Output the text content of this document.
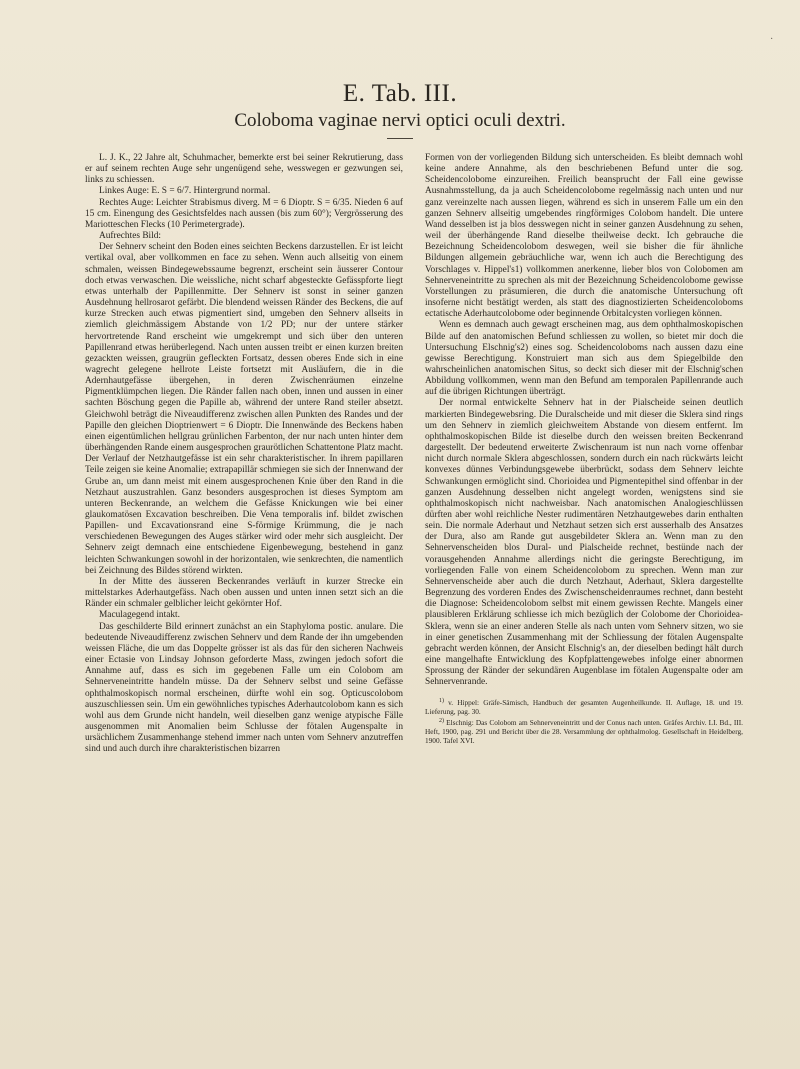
E. Tab. III.
Coloboma vaginae nervi optici oculi dextri.

L. J. K., 22 Jahre alt, Schuhmacher, bemerkte erst bei seiner Rekrutierung, dass er auf seinem rechten Auge sehr ungenügend sehe, wesswegen er gezwungen sei, links zu schiessen.

Linkes Auge: E. S = 6/7. Hintergrund normal.

Rechtes Auge: Leichter Strabismus diverg. M = 6 Dioptr. S = 6/35. Nieden 6 auf 15 cm. Einengung des Gesichtsfeldes nach aussen (bis zum 60°); Vergrösserung des Mariotteschen Flecks (10 Perimetergrade).

Aufrechtes Bild:

Der Sehnerv scheint den Boden eines seichten Beckens darzustellen. Er ist leicht vertikal oval, aber vollkommen en face zu sehen. Wenn auch allseitig von einem schmalen, weissen Bindegewebssaume begrenzt, erscheint sein äusserer Contour doch etwas verwaschen. Die weissliche, nicht scharf abgesteckte Gefässpforte liegt etwas unterhalb der Papillenmitte. Der Sehnerv ist sonst in seiner ganzen Ausdehnung hellrosarot gefärbt. Die blendend weissen Ränder des Beckens, die auf kurze Strecken auch etwas pigmentiert sind, umgeben den Sehnerv allseits in ziemlich gleichmässigem Abstande von 1/2 PD; nur der untere stärker hervortretende Rand erscheint wie umgekrempt und sich über den unteren Papillenrand etwas herüberlegend. Nach unten aussen treibt er einen kurzen breiten gezackten weissen, graugrün gefleckten Fortsatz, dessen oberes Ende sich in eine wagrecht gelegene hellrote Leiste fortsetzt mit Ausläufern, die in die Adernhautgefässe übergehen, in deren Zwischenräumen einzelne Pigmentklümpchen liegen. Die Ränder fallen nach oben, innen und aussen in einer sachten Böschung gegen die Papille ab, während der untere Rand steiler absetzt. Gleichwohl beträgt die Niveaudifferenz zwischen allen Punkten des Randes und der Papille den gleichen Dioptrienwert = 6 Dioptr. Die Innenwände des Beckens haben einen eigentümlichen hellgrau grünlichen Farbenton, der nur nach unten hinter dem überhängenden Rande einem ausgesprochen graurötlichen Schattentone Platz macht. Der Verlauf der Netzhautgefässe ist ein sehr charakteristischer. In ihrem papillaren Teile zeigen sie keine Anomalie; extrapapillär schmiegen sie sich der Innenwand der Grube an, um dann meist mit einem ausgesprochenen Knie über den Rand in die Netzhaut auszustrahlen. Ganz besonders ausgesprochen ist dieses Symptom am unteren Beckenrande, an welchem die Gefässe Knickungen wie bei einer glaukomatösen Excavation beschreiben. Die Vena temporalis inf. bildet zwischen Papillen- und Excavationsrand eine S-förmige Krümmung, die je nach verschiedenen Bewegungen des Auges stärker wird oder mehr sich ausgleicht. Der Sehnerv zeigt demnach eine entschiedene Eigenbewegung, bestehend in ganz leichten Schwankungen sowohl in der horizontalen, wie senkrechten, die namentlich bei Zeichnung des Bildes störend wirkten.

In der Mitte des äusseren Beckenrandes verläuft in kurzer Strecke ein mittelstarkes Aderhautgefäss. Nach oben aussen und unten innen setzt sich an die Ränder ein schmaler gelblicher leicht gekörnter Hof.

Maculagegend intakt.

Das geschilderte Bild erinnert zunächst an ein Staphyloma postic. anulare. Die bedeutende Niveaudifferenz zwischen Sehnerv und dem Rande der ihn umgebenden weissen Fläche, die um das Doppelte grösser ist als das für den sicheren Nachweis einer Ectasie von Lindsay Johnson geforderte Mass, zwingen jedoch sofort die Annahme auf, dass es sich im gegebenen Falle um ein Colobom am Sehnerveneintritte handeln müsse. Da der Sehnerv selbst und seine Gefässe ophthalmoskopisch normal erscheinen, dürfte wohl ein sog. Opticuscolobom auszuschliessen sein. Um ein gewöhnliches typisches Aderhautcolobom kann es sich wohl aus dem Grunde nicht handeln, weil dieselben ganz wenige atypische Fälle ausgenommen mit Anomalien beim Schlusse der fötalen Augenspalte in ursächlichem Zusammenhange stehend immer nach unten vom Sehnerv anzutreffen sind und auch durch ihre charakteristischen bizarren

Formen von der vorliegenden Bildung sich unterscheiden. Es bleibt demnach wohl keine andere Annahme, als den beschriebenen Befund unter die sog. Scheidencolobome einzureihen. Freilich beansprucht der Fall eine gewisse Ausnahmsstellung, da ja auch Scheidencolobome regelmässig nach unten und nur ganz vereinzelte nach aussen liegen, während es sich in unserem Falle um ein den ganzen Sehnerv allseitig umgebendes ringförmiges Colobom handelt. Die untere Wand desselben ist ja blos desswegen nicht in seiner ganzen Ausdehnung zu sehen, weil der überhängende Rand dieselbe theilweise deckt. Ich gebrauche die Bezeichnung Scheidencolobom deswegen, weil sie bisher die für ähnliche Bildungen allgemein gebräuchliche war, wenn ich auch die Berechtigung des Vorschlages v. Hippel's1) vollkommen anerkenne, lieber blos von Colobomen am Sehnerveneintritte zu sprechen als mit der Bezeichnung Scheidencolobome gewisse Vorstellungen zu präsumieren, die durch die anatomische Untersuchung oft insoferne nicht bestätigt werden, als statt des diagnostizierten Scheidencoloboms ectatische Aderhautcolobome oder beginnende Orbitalcysten vorliegen können.

Wenn es demnach auch gewagt erscheinen mag, aus dem ophthalmoskopischen Bilde auf den anatomischen Befund schliessen zu wollen, so bietet mir doch die Untersuchung Elschnig's2) eines sog. Scheidencoloboms nach aussen dazu eine gewisse Berechtigung. Konstruiert man sich aus dem Spiegelbilde den wahrscheinlichen anatomischen Situs, so deckt sich dieser mit der Elschnig'schen Abbildung vollkommen, wenn man den Befund am temporalen Papillenrande auch auf die übrigen Richtungen überträgt.

Der normal entwickelte Sehnerv hat in der Pialscheide seinen deutlich markierten Bindegewebsring. Die Duralscheide und mit dieser die Sklera sind rings um den Sehnerv in ziemlich gleichweitem Abstande von diesem entfernt. Im ophthalmoskopischen Bilde ist dieselbe durch den weissen breiten Beckenrand dargestellt. Der bedeutend erweiterte Zwischenraum ist nun nach vorne offenbar nicht durch normale Sklera abgeschlossen, sondern durch ein nach rückwärts leicht konvexes dünnes Verbindungsgewebe überbrückt, sodass dem Sehnerv leichte Schwankungen ermöglicht sind. Chorioidea und Pigmentepithel sind offenbar in der ganzen Ausdehnung desselben nicht angelegt worden, wenigstens sind sie ophthalmoskopisch nicht nachweisbar. Nach anatomischen Analogieschlüssen dürften aber wohl reichliche Nester rudimentären Netzhautgewebes darin enthalten sein. Die normale Aderhaut und Netzhaut setzen sich erst ausserhalb des Ansatzes der Dura, also am Rande gut ausgebildeter Sklera an. Wenn man zu den Sehnervenscheiden blos Dural- und Pialscheide rechnet, bestünde nach der vorausgehenden Annahme allerdings nicht die geringste Berechtigung, im vorliegenden Falle von einem Scheidencolobom zu sprechen. Wenn man zur Sehnervenscheide aber auch die durch Netzhaut, Aderhaut, Sklera dargestellte Begrenzung des vorderen Endes des Zwischenscheidenraumes rechnet, dann besteht die Diagnose: Scheidencolobom selbst mit einem gewissen Rechte. Mangels einer plausibleren Erklärung schliesse ich mich bezüglich der Colobome der Chorioidea-Sklera, wenn sie an einer anderen Stelle als nach unten vom Sehnerv sitzen, wo sie in einer genetischen Zusammenhang mit der Schliessung der fötalen Augenspalte gebracht werden können, der Ansicht Elschnig's an, der dieselben bedingt hält durch eine mangelhafte Entwicklung des Kopfplattengewebes infolge einer abnormen Sprossung der Ränder der sekundären Augenblase im fötalen Augenspalte oder am Sehnervenrande.

$^{1)}$ v. Hippel: Gräfe-Sämisch, Handbuch der gesamten Augenheilkunde. II. Auflage, 18. und 19. Lieferung, pag. 30.

$^{2)}$ Elschnig: Das Colobom am Sehnerveneintritt und der Conus nach unten. Gräfes Archiv. LI. Bd., III. Heft, 1900, pag. 291 und Bericht über die 28. Versammlung der ophthalmolog. Gesellschaft in Heidelberg, 1900. Tafel XVI.

·
